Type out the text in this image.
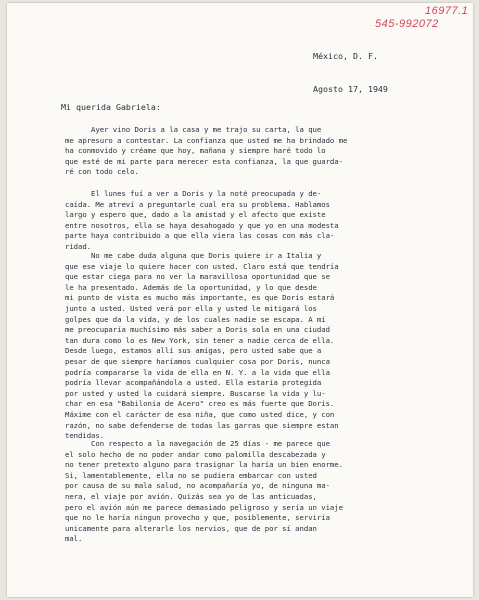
16977.1
545-992072

México, D. F.

Agosto 17, 1949

Mi querida Gabriela:
Ayer vino Doris a la casa y me trajo su carta, la que
me apresuro a contestar. La confianza que usted me ha brindado me
ha conmovido y créame que hoy, mañana y siempre haré todo lo
que esté de mi parte para merecer esta confianza, la que guarda-
ré con todo celo.
El lunes fuí a ver a Doris y la noté preocupada y de-
caída. Me atreví a preguntarle cual era su problema. Hablamos
largo y espero que, dado a la amistad y el afecto que existe
entre nosotros, ella se haya desahogado y que yo en una modesta
parte haya contribuido a que ella viera las cosas con más cla-
ridad.
No me cabe duda alguna que Doris quiere ir a Italia y
que ese viaje lo quiere hacer con usted. Claro está que tendría
que estar ciega para no ver la maravillosa oportunidad que se
le ha presentado. Además de la oportunidad, y lo que desde
mi punto de vista es mucho más importante, es que Doris estará
junto a usted. Usted verá por ella y usted le mitigará los
golpes que da la vida, y de los cuales nadie se escapa. A mí
me preocuparía muchísimo más saber a Doris sola en una ciudad
tan dura como lo es New York, sin tener a nadie cerca de ella.
Desde luego, estamos allí sus amigas, pero usted sabe que a
pesar de que siempre haríamos cualquier cosa por Doris, nunca
podría compararse la vida de ella en N. Y. a la vida que ella
podría llevar acompañándola a usted. Ella estaría protegida
por usted y usted la cuidará siempre. Buscarse la vida y lu-
char en esa "Babilonia de Acero" creo es más fuerte que Doris.
Máxime con el carácter de esa niña, que como usted dice, y con
razón, no sabe defenderse de todas las garras que siempre estan
tendidas.
Con respecto a la navegación de 25 días - me parece que
el solo hecho de no poder andar como palomilla descabezada y
no tener pretexto alguno para trasignar la haría un bien enorme.
Si, lamentablemente, ella no se pudiera embarcar con usted
por causa de su mala salud, no acompañaría yo, de ninguna ma-
nera, el viaje por avión. Quizás sea yo de las anticuadas,
pero el avión aún me parece demasiado peligroso y sería un viaje
que no le haría ningun provecho y que, posiblemente, serviría
unicamente para alterarle los nervios, que de por sí andan
mal.
